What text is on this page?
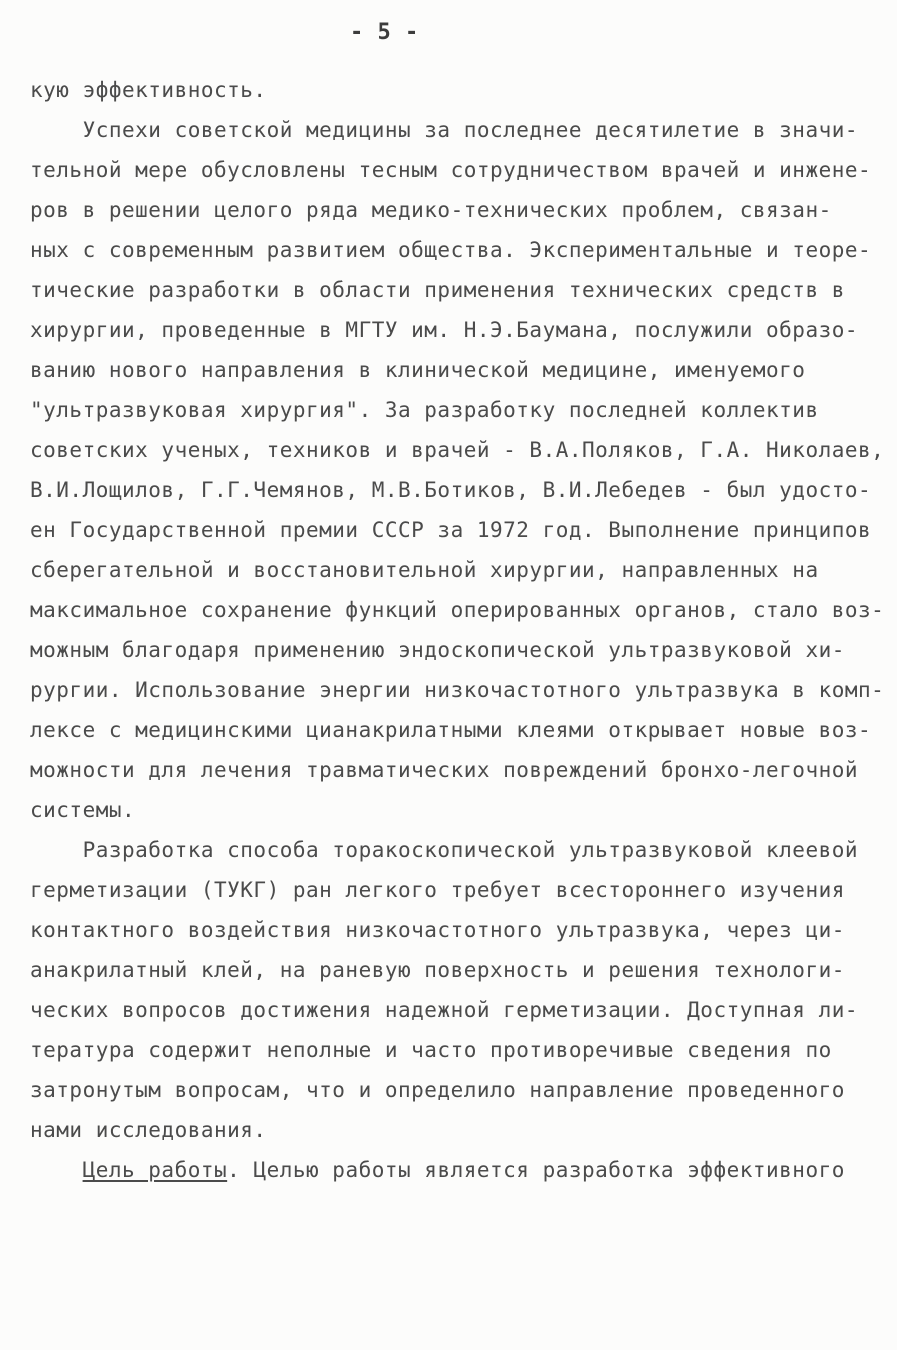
- 5 -
кую эффективность.
Успехи советской медицины за последнее десятилетие в значи-
тельной мере обусловлены тесным сотрудничеством врачей и инжене-
ров в решении целого ряда медико-технических проблем, связан-
ных с современным развитием общества. Экспериментальные и теоре-
тические разработки в области применения технических средств в
хирургии, проведенные в МГТУ им. Н.Э.Баумана, послужили образо-
ванию нового направления в клинической медицине, именуемого
"ультразвуковая хирургия". За разработку последней коллектив
советских ученых, техников и врачей - В.А.Поляков, Г.А. Николаев,
В.И.Лощилов, Г.Г.Чемянов, М.В.Ботиков, В.И.Лебедев - был удосто-
ен Государственной премии СССР за 1972 год. Выполнение принципов
сберегательной и восстановительной хирургии, направленных на
максимальное сохранение функций оперированных органов, стало воз-
можным благодаря применению эндоскопической ультразвуковой хи-
рургии. Использование энергии низкочастотного ультразвука в комп-
лексе с медицинскими цианакрилатными клеями открывает новые воз-
можности для лечения травматических повреждений бронхо-легочной
системы.
Разработка способа торакоскопической ультразвуковой клеевой
герметизации (ТУКГ) ран легкого требует всестороннего изучения
контактного воздействия низкочастотного ультразвука, через ци-
анакрилатный клей, на раневую поверхность и решения технологи-
ческих вопросов достижения надежной герметизации. Доступная ли-
тература содержит неполные и часто противоречивые сведения по
затронутым вопросам, что и определило направление проведенного
нами исследования.
Цель работы. Целью работы является разработка эффективного
